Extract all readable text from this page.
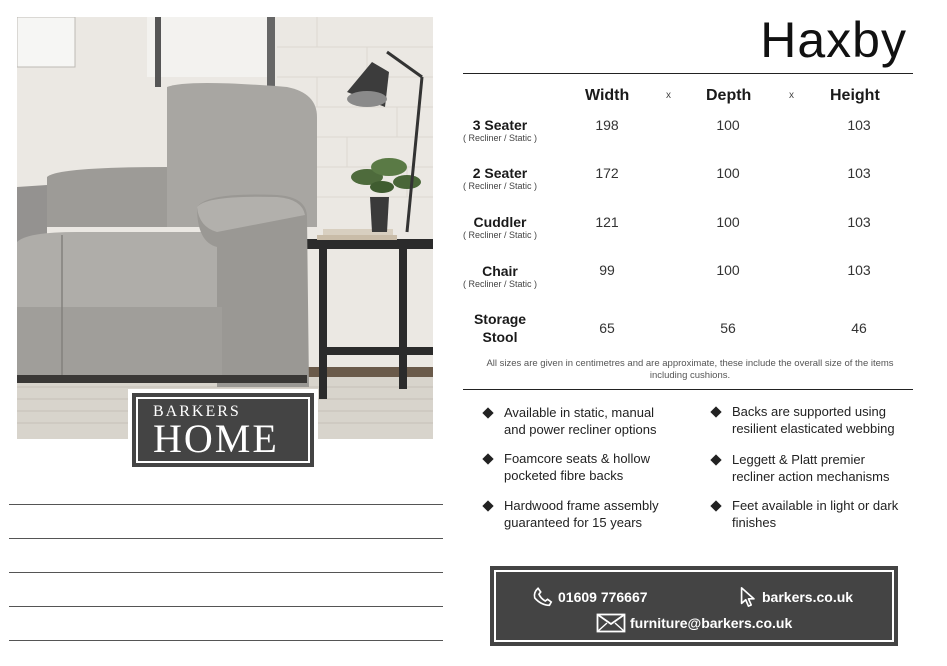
BARKERS
HOME
Haxby
Width	x Depth	x Height
3 Seater
( Recliner / Static )
198	100	103
2 Seater
( Recliner / Static )
172	100	103
Cuddler
( Recliner / Static )
121	100	103
Chair
( Recliner / Static )
99	100	103
Storage
Stool
65	56	46
All sizes are given in centimetres and are approximate, these include the overall size of the items including cushions.
Available in static, manual
and power recliner options
Backs are supported using
resilient elasticated webbing
Foamcore seats & hollow
pocketed fibre backs
Leggett & Platt premier
recliner action mechanisms
Hardwood frame assembly
guaranteed for 15 years
Feet available in light or dark
finishes
01609 776667	barkers.co.uk
furniture@barkers.co.uk
